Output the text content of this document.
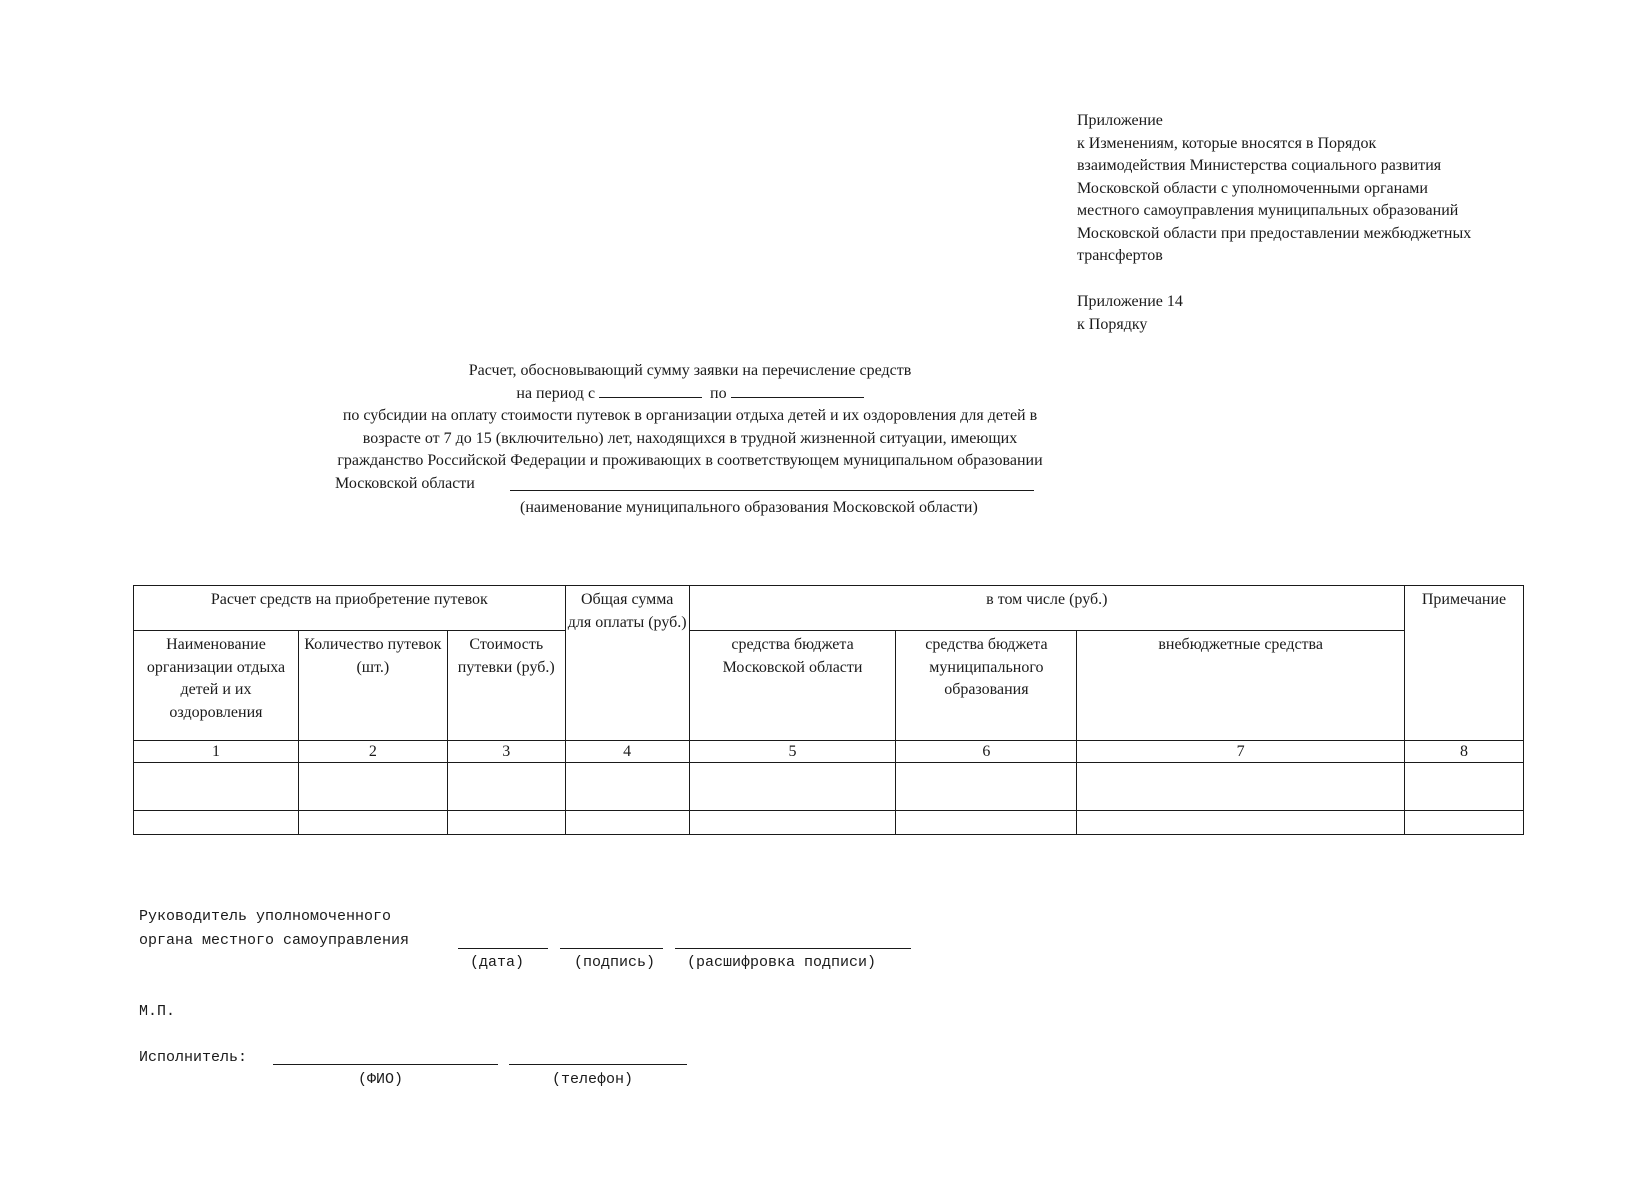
Приложение
к Изменениям, которые вносятся в Порядок
взаимодействия Министерства социального развития
Московской области с уполномоченными органами
местного самоуправления муниципальных образований
Московской области при предоставлении межбюджетных
трансфертов
Приложение 14
к Порядку
Расчет, обосновывающий сумму заявки на перечисление средств
на период с	по
по субсидии на оплату стоимости путевок в организации отдыха детей и их оздоровления для детей в
возрасте от 7 до 15 (включительно) лет, находящихся в трудной жизненной ситуации, имеющих
гражданство Российской Федерации и проживающих в соответствующем муниципальном образовании
Московской области
(наименование муниципального образования Московской области)
Расчет средств на приобретение путевок			Общая сумма для оплаты (руб.)	в том числе (руб.)			Примечание
Наименование организации отдыха детей и их оздоровления	Количество путевок (шт.)	Стоимость путевки (руб.)		средства бюджета Московской области	средства бюджета муниципального образования	внебюджетные средства	
1	2	3	4	5	6	7	8

Руководитель уполномоченного
органа местного самоуправления
(дата)	(подпись) (расшифровка подписи)
М.П.
Исполнитель:
(ФИО)	(телефон)
